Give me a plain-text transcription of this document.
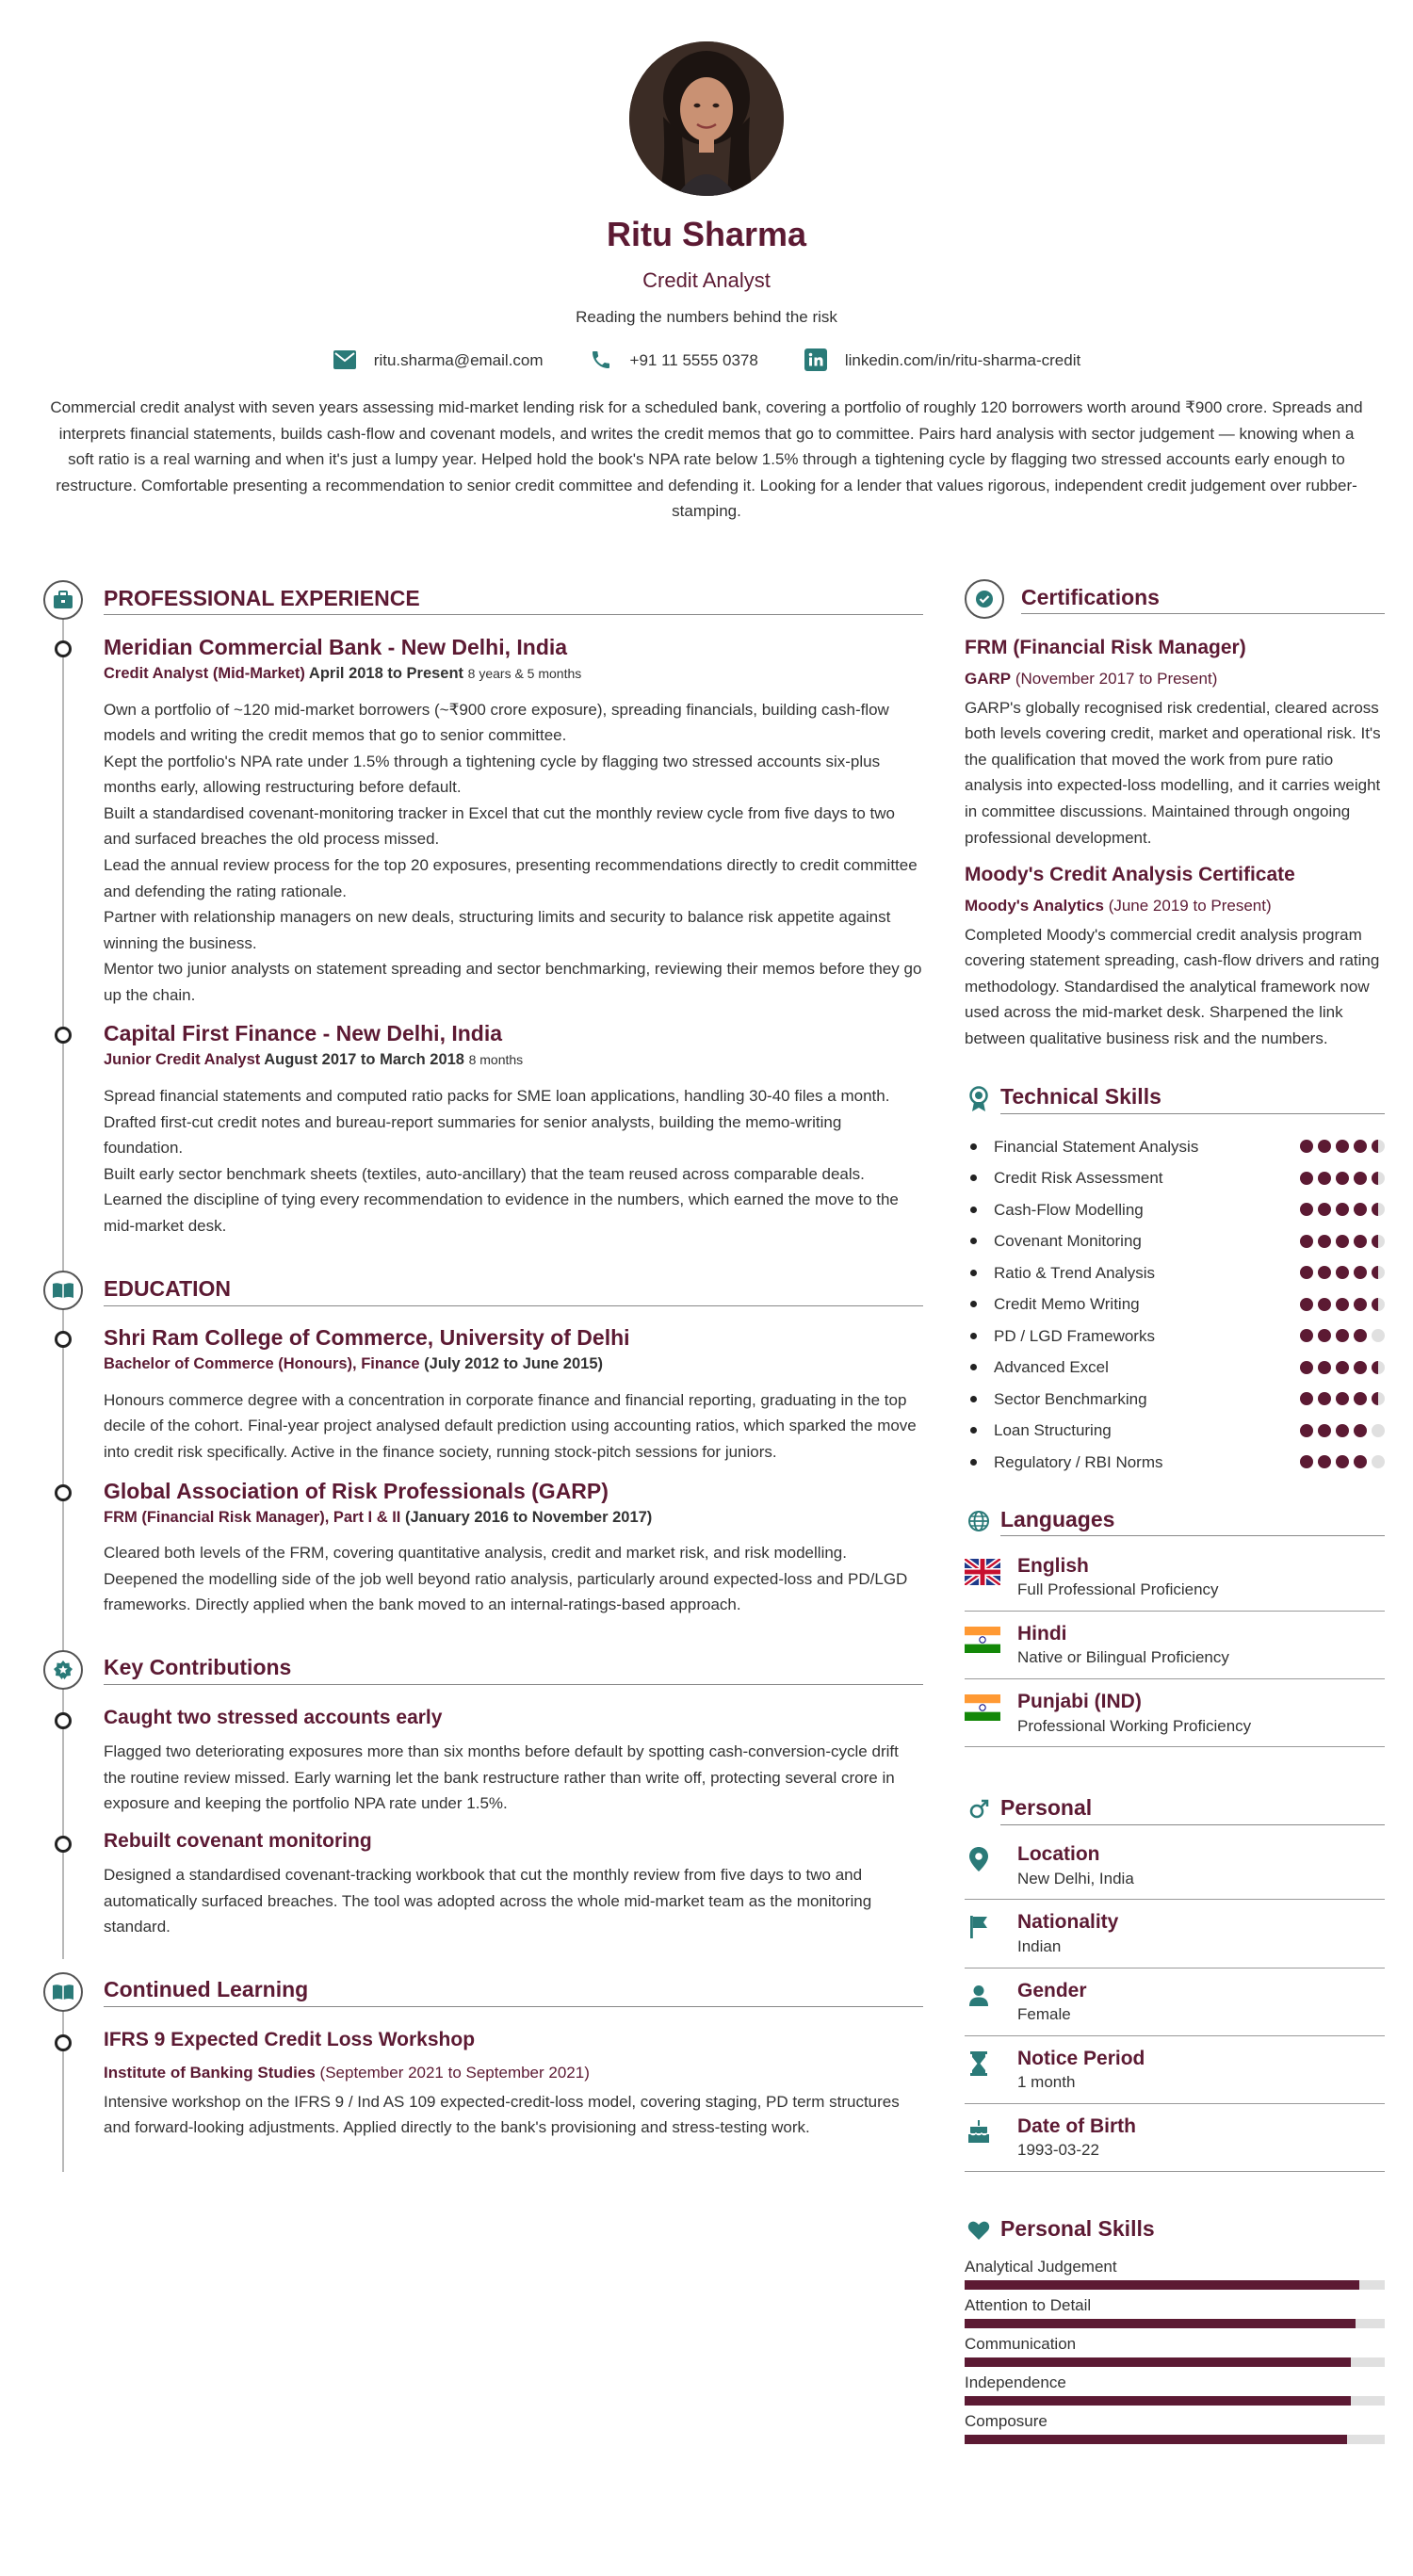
Ritu Sharma
Credit Analyst
Reading the numbers behind the risk
ritu.sharma@email.com	+91 11 5555 0378	linkedin.com/in/ritu-sharma-credit
Commercial credit analyst with seven years assessing mid-market lending risk for a scheduled bank, covering a portfolio of roughly 120 borrowers worth around ₹900 crore. Spreads and interprets financial statements, builds cash-flow and covenant models, and writes the credit memos that go to committee. Pairs hard analysis with sector judgement — knowing when a soft ratio is a real warning and when it's just a lumpy year. Helped hold the book's NPA rate below 1.5% through a tightening cycle by flagging two stressed accounts early enough to restructure. Comfortable presenting a recommendation to senior credit committee and defending it. Looking for a lender that values rigorous, independent credit judgement over rubber-stamping.
PROFESSIONAL EXPERIENCE
Meridian Commercial Bank - New Delhi, India
Credit Analyst (Mid-Market) April 2018 to Present 8 years & 5 months

Own a portfolio of ~120 mid-market borrowers (~₹900 crore exposure), spreading financials, building cash-flow models and writing the credit memos that go to senior committee.

Kept the portfolio's NPA rate under 1.5% through a tightening cycle by flagging two stressed accounts six-plus months early, allowing restructuring before default.

Built a standardised covenant-monitoring tracker in Excel that cut the monthly review cycle from five days to two and surfaced breaches the old process missed.

Lead the annual review process for the top 20 exposures, presenting recommendations directly to credit committee and defending the rating rationale.

Partner with relationship managers on new deals, structuring limits and security to balance risk appetite against winning the business.

Mentor two junior analysts on statement spreading and sector benchmarking, reviewing their memos before they go up the chain.

Capital First Finance - New Delhi, India
Junior Credit Analyst August 2017 to March 2018 8 months

Spread financial statements and computed ratio packs for SME loan applications, handling 30-40 files a month.

Drafted first-cut credit notes and bureau-report summaries for senior analysts, building the memo-writing foundation.

Built early sector benchmark sheets (textiles, auto-ancillary) that the team reused across comparable deals.

Learned the discipline of tying every recommendation to evidence in the numbers, which earned the move to the mid-market desk.

EDUCATION
Shri Ram College of Commerce, University of Delhi
Bachelor of Commerce (Honours), Finance (July 2012 to June 2015)
Honours commerce degree with a concentration in corporate finance and financial reporting, graduating in the top decile of the cohort. Final-year project analysed default prediction using accounting ratios, which sparked the move into credit risk specifically. Active in the finance society, running stock-pitch sessions for juniors.
Global Association of Risk Professionals (GARP)
FRM (Financial Risk Manager), Part I & II (January 2016 to November 2017)
Cleared both levels of the FRM, covering quantitative analysis, credit and market risk, and risk modelling. Deepened the modelling side of the job well beyond ratio analysis, particularly around expected-loss and PD/LGD frameworks. Directly applied when the bank moved to an internal-ratings-based approach.
Key Contributions
Caught two stressed accounts early
Flagged two deteriorating exposures more than six months before default by spotting cash-conversion-cycle drift the routine review missed. Early warning let the bank restructure rather than write off, protecting several crore in exposure and keeping the portfolio NPA rate under 1.5%.
Rebuilt covenant monitoring
Designed a standardised covenant-tracking workbook that cut the monthly review from five days to two and automatically surfaced breaches. The tool was adopted across the whole mid-market team as the monitoring standard.
Continued Learning
IFRS 9 Expected Credit Loss Workshop
Institute of Banking Studies (September 2021 to September 2021)
Intensive workshop on the IFRS 9 / Ind AS 109 expected-credit-loss model, covering staging, PD term structures and forward-looking adjustments. Applied directly to the bank's provisioning and stress-testing work.
Certifications
FRM (Financial Risk Manager)
GARP (November 2017 to Present)
GARP's globally recognised risk credential, cleared across both levels covering credit, market and operational risk. It's the qualification that moved the work from pure ratio analysis into expected-loss modelling, and it carries weight in committee discussions. Maintained through ongoing professional development.
Moody's Credit Analysis Certificate
Moody's Analytics (June 2019 to Present)
Completed Moody's commercial credit analysis program covering statement spreading, cash-flow drivers and rating methodology. Standardised the analytical framework now used across the mid-market desk. Sharpened the link between qualitative business risk and the numbers.
Technical Skills
Financial Statement Analysis
Credit Risk Assessment
Cash-Flow Modelling
Covenant Monitoring
Ratio & Trend Analysis
Credit Memo Writing
PD / LGD Frameworks
Advanced Excel
Sector Benchmarking
Loan Structuring
Regulatory / RBI Norms
Languages
English
Full Professional Proficiency
Hindi
Native or Bilingual Proficiency
Punjabi (IND)
Professional Working Proficiency
Personal
Location
New Delhi, India
Nationality
Indian
Gender
Female
Notice Period
1 month
Date of Birth
1993-03-22
Personal Skills
Analytical Judgement
Attention to Detail
Communication
Independence
Composure
